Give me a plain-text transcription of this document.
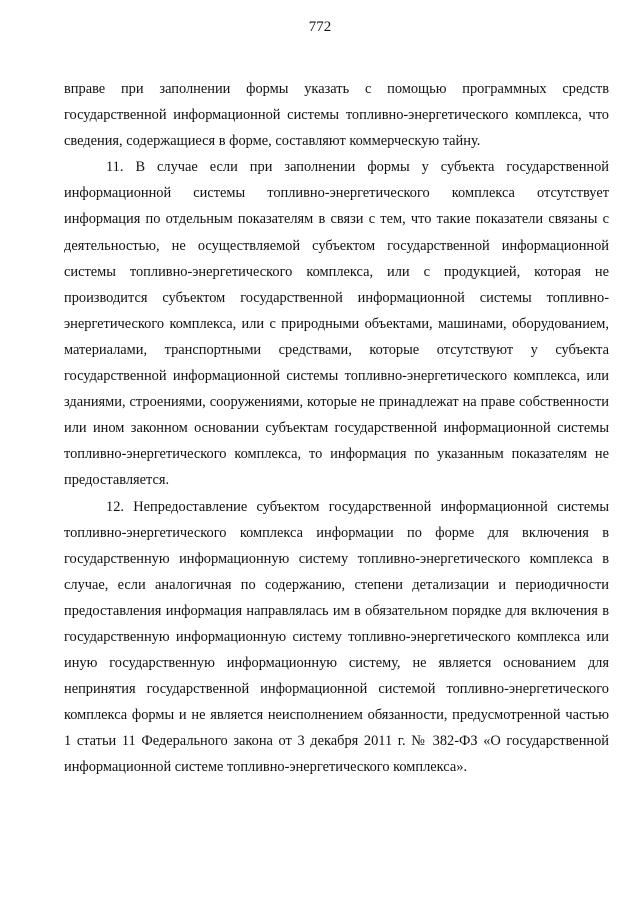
772

вправе при заполнении формы указать с помощью программных средств государственной информационной системы топливно-энергетического комплекса, что сведения, содержащиеся в форме, составляют коммерческую тайну.

11. В случае если при заполнении формы у субъекта государственной информационной системы топливно-энергетического комплекса отсутствует информация по отдельным показателям в связи с тем, что такие показатели связаны с деятельностью, не осуществляемой субъектом государственной информационной системы топливно-энергетического комплекса, или с продукцией, которая не производится субъектом государственной информационной системы топливно-энергетического комплекса, или с природными объектами, машинами, оборудованием, материалами, транспортными средствами, которые отсутствуют у субъекта государственной информационной системы топливно-энергетического комплекса, или зданиями, строениями, сооружениями, которые не принадлежат на праве собственности или ином законном основании субъектам государственной информационной системы топливно-энергетического комплекса, то информация по указанным показателям не предоставляется.

12. Непредоставление субъектом государственной информационной системы топливно-энергетического комплекса информации по форме для включения в государственную информационную систему топливно-энергетического комплекса в случае, если аналогичная по содержанию, степени детализации и периодичности предоставления информация направлялась им в обязательном порядке для включения в государственную информационную систему топливно-энергетического комплекса или иную государственную информационную систему, не является основанием для непринятия государственной информационной системой топливно-энергетического комплекса формы и не является неисполнением обязанности, предусмотренной частью 1 статьи 11 Федерального закона от 3 декабря 2011 г. № 382-ФЗ «О государственной информационной системе топливно-энергетического комплекса».
